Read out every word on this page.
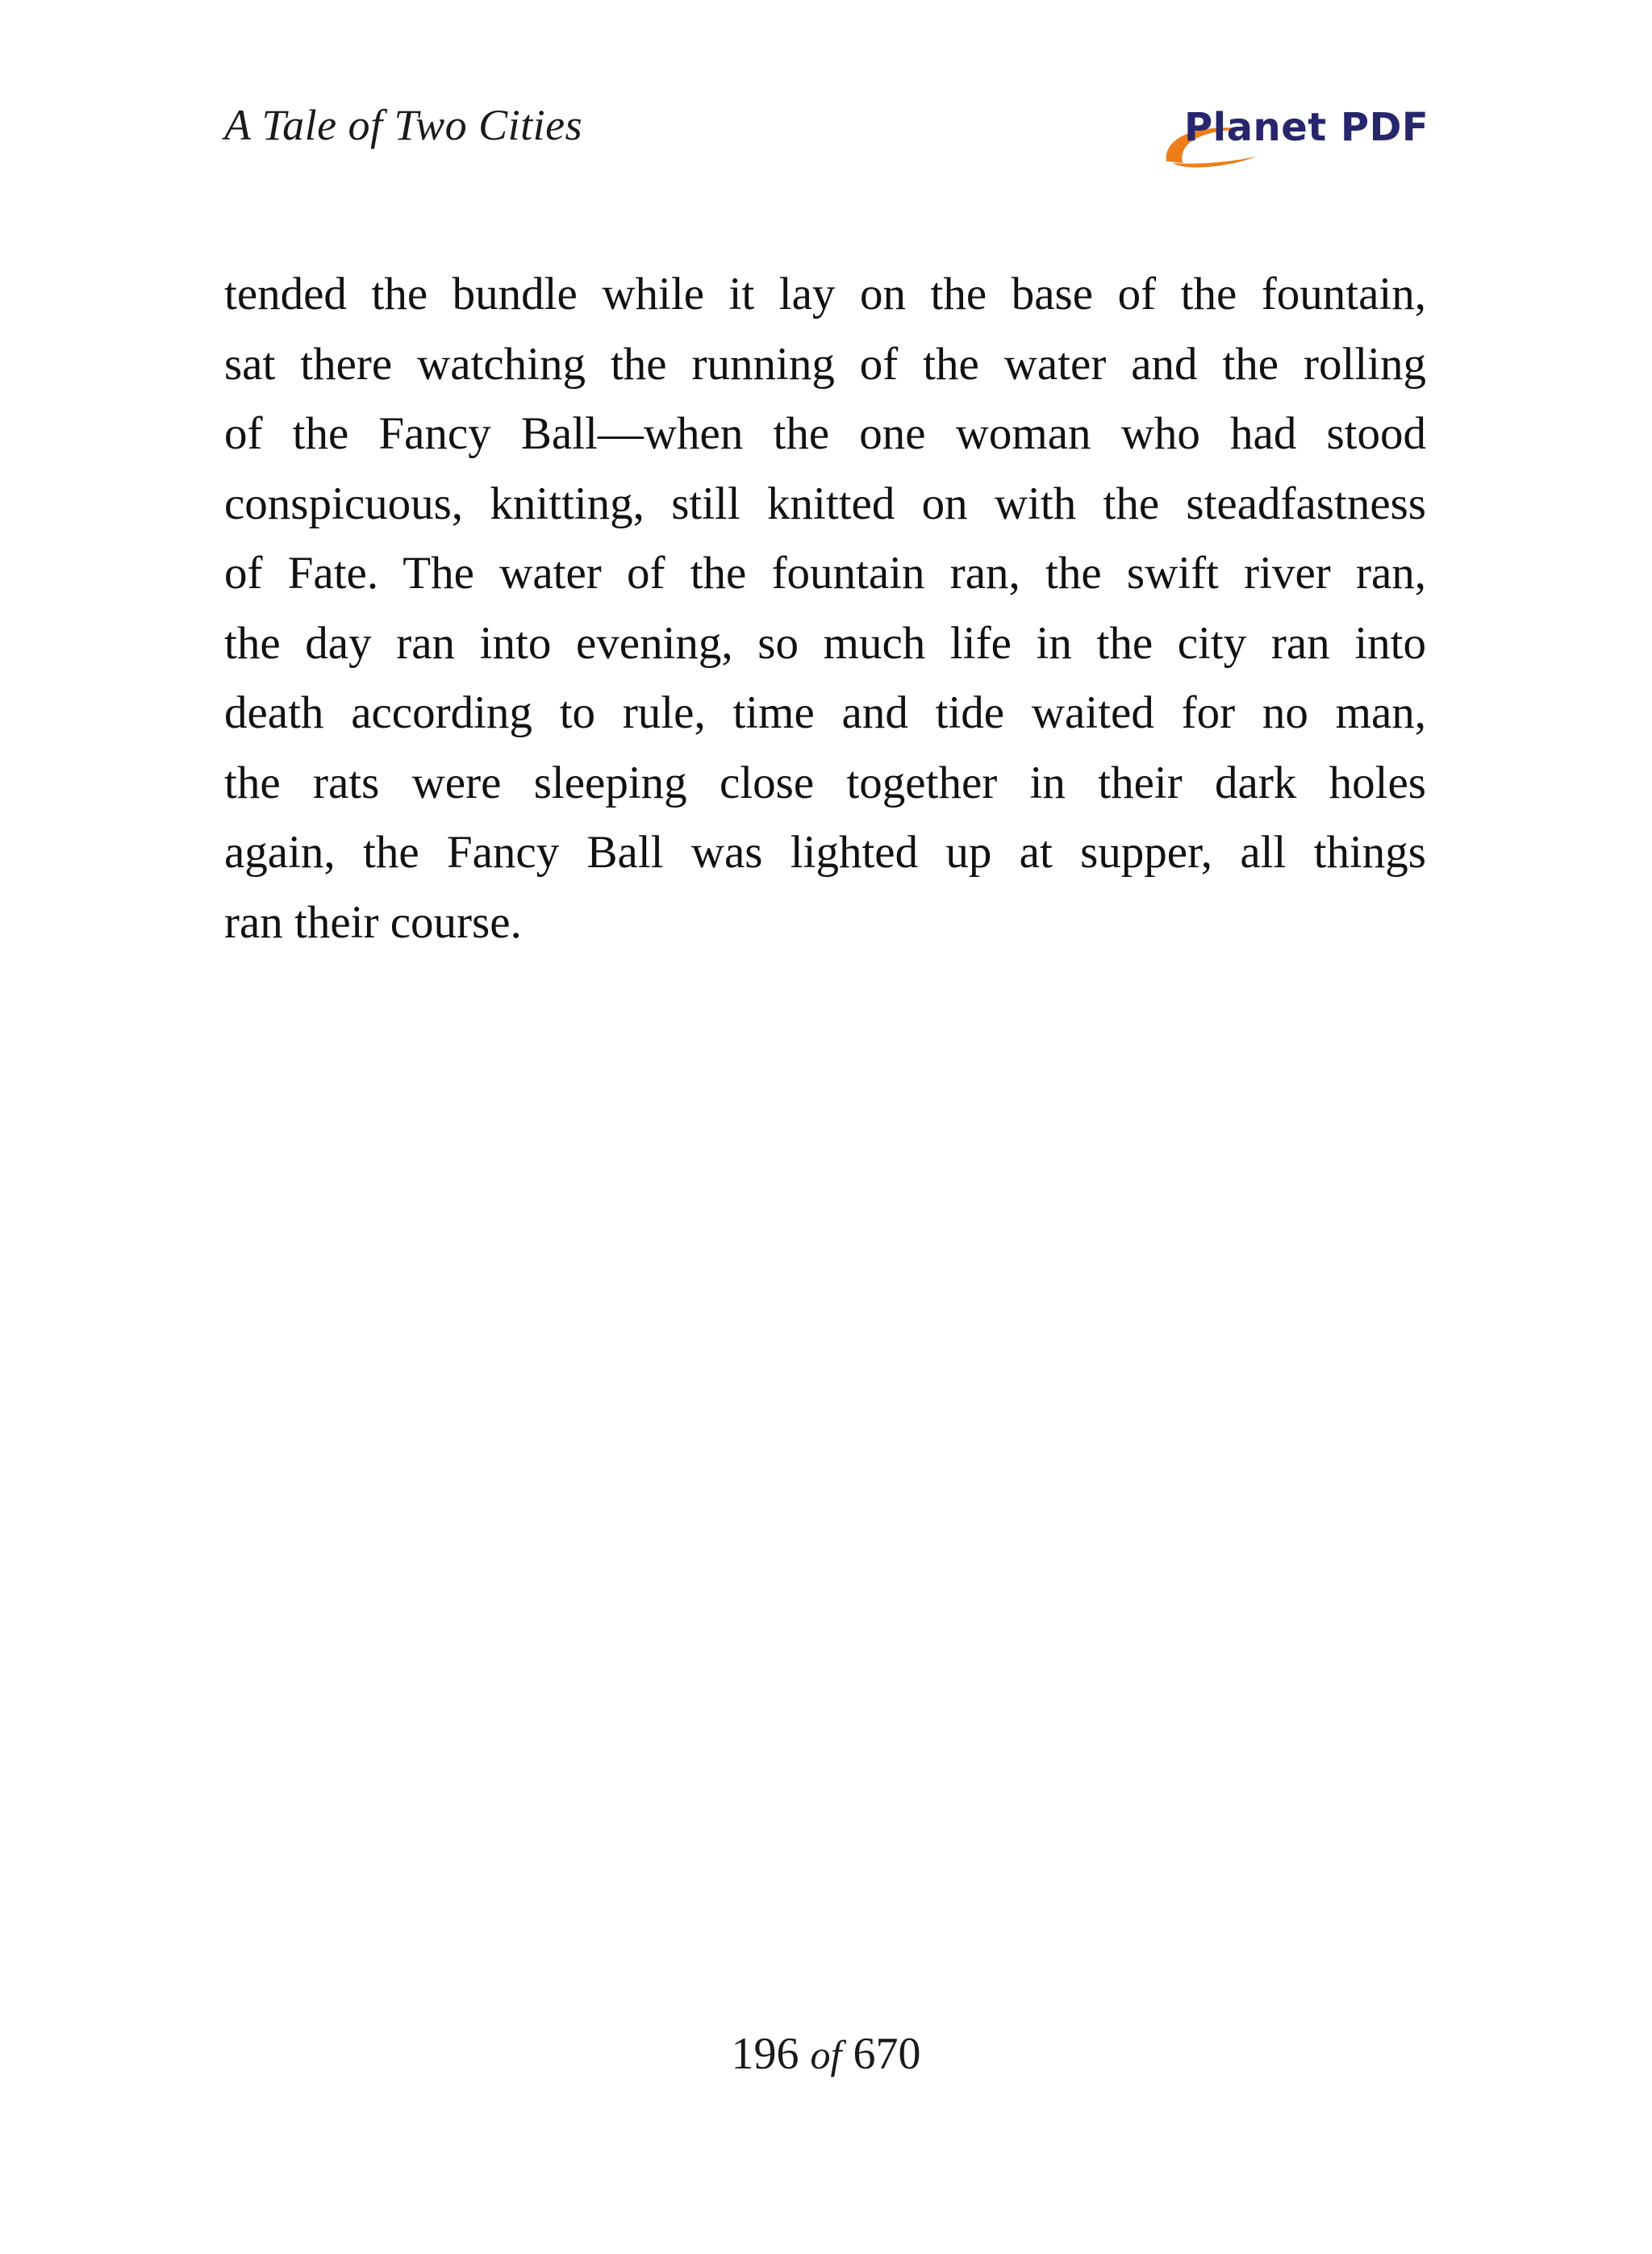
A Tale of Two Cities	Planet PDF
tended the bundle while it lay on the base of the fountain,
sat there watching the running of the water and the rolling
of the Fancy Ball—when the one woman who had stood
conspicuous, knitting, still knitted on with the steadfastness
of Fate. The water of the fountain ran, the swift river ran,
the day ran into evening, so much life in the city ran into
death according to rule, time and tide waited for no man,
the rats were sleeping close together in their dark holes
again, the Fancy Ball was lighted up at supper, all things
ran their course.
196 of 670
